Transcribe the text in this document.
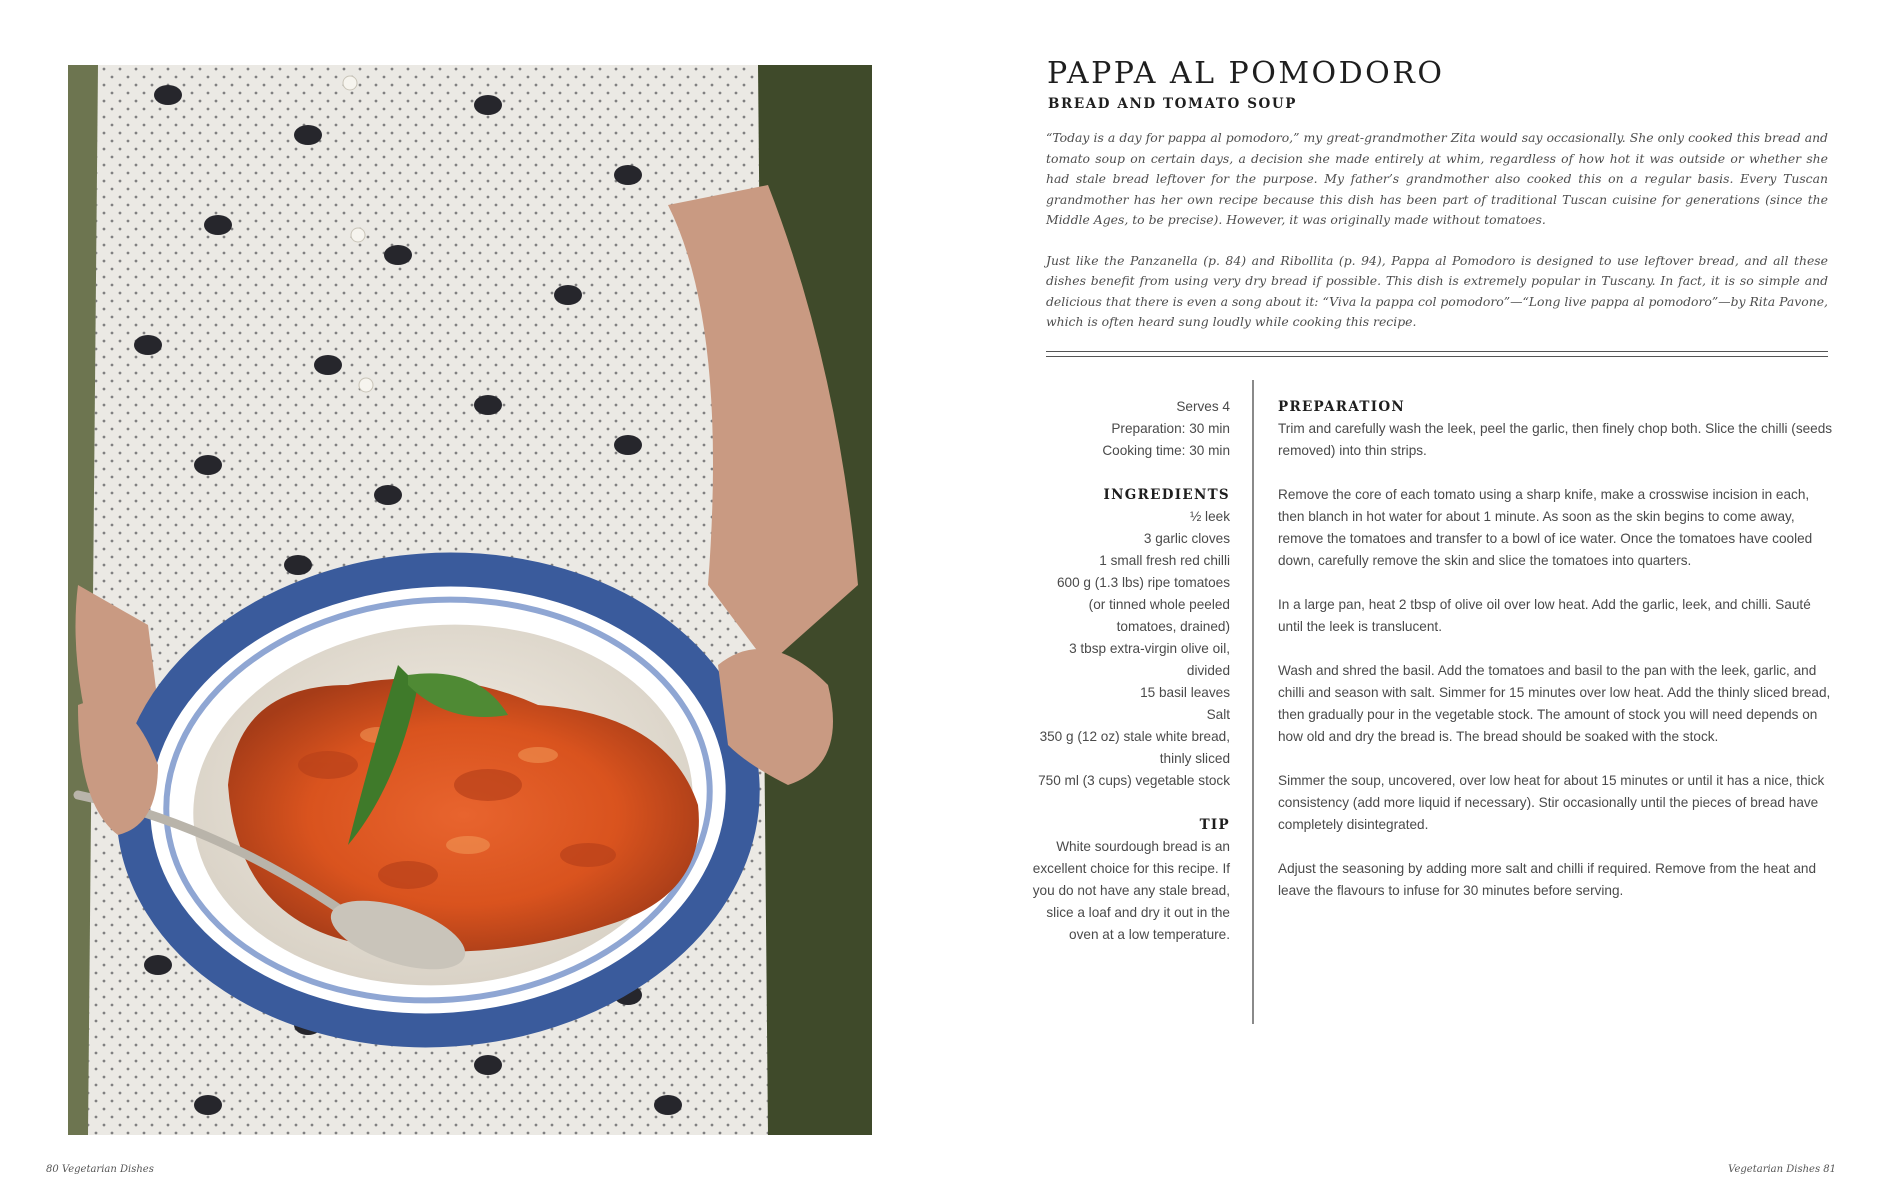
PAPPA AL POMODORO
BREAD AND TOMATO SOUP

“Today is a day for pappa al pomodoro,” my great-grandmother Zita would say occasionally. She only cooked this bread and tomato soup on certain days, a decision she made entirely at whim, regardless of how hot it was outside or whether she had stale bread leftover for the purpose. My father’s grandmother also cooked this on a regular basis. Every Tuscan grandmother has her own recipe because this dish has been part of traditional Tuscan cuisine for generations (since the Middle Ages, to be precise). However, it was originally made without tomatoes.

Just like the Panzanella (p. 84) and Ribollita (p. 94), Pappa al Pomodoro is designed to use leftover bread, and all these dishes benefit from using very dry bread if possible. This dish is extremely popular in Tuscany. In fact, it is so simple and delicious that there is even a song about it: “Viva la pappa col pomodoro”—“Long live pappa al pomodoro”—by Rita Pavone, which is often heard sung loudly while cooking this recipe.

Serves 4
Preparation: 30 min
Cooking time: 30 min
INGREDIENTS
½ leek
3 garlic cloves
1 small fresh red chilli
600 g (1.3 lbs) ripe tomatoes
(or tinned whole peeled
tomatoes, drained)
3 tbsp extra-virgin olive oil,
divided
15 basil leaves
Salt
350 g (12 oz) stale white bread,
thinly sliced
750 ml (3 cups) vegetable stock
TIP
White sourdough bread is an
excellent choice for this recipe. If
you do not have any stale bread,
slice a loaf and dry it out in the
oven at a low temperature.
PREPARATION

Trim and carefully wash the leek, peel the garlic, then finely chop both. Slice the chilli (seeds removed) into thin strips.

Remove the core of each tomato using a sharp knife, make a crosswise incision in each, then blanch in hot water for about 1 minute. As soon as the skin begins to come away, remove the tomatoes and transfer to a bowl of ice water. Once the tomatoes have cooled down, carefully remove the skin and slice the tomatoes into quarters.

In a large pan, heat 2 tbsp of olive oil over low heat. Add the garlic, leek, and chilli. Sauté until the leek is translucent.

Wash and shred the basil. Add the tomatoes and basil to the pan with the leek, garlic, and chilli and season with salt. Simmer for 15 minutes over low heat. Add the thinly sliced bread, then gradually pour in the vegetable stock. The amount of stock you will need depends on how old and dry the bread is. The bread should be soaked with the stock.

Simmer the soup, uncovered, over low heat for about 15 minutes or until it has a nice, thick consistency (add more liquid if necessary). Stir occasionally until the pieces of bread have completely disintegrated.

Adjust the seasoning by adding more salt and chilli if required. Remove from the heat and leave the flavours to infuse for 30 minutes before serving.

80 Vegetarian Dishes	Vegetarian Dishes 81
